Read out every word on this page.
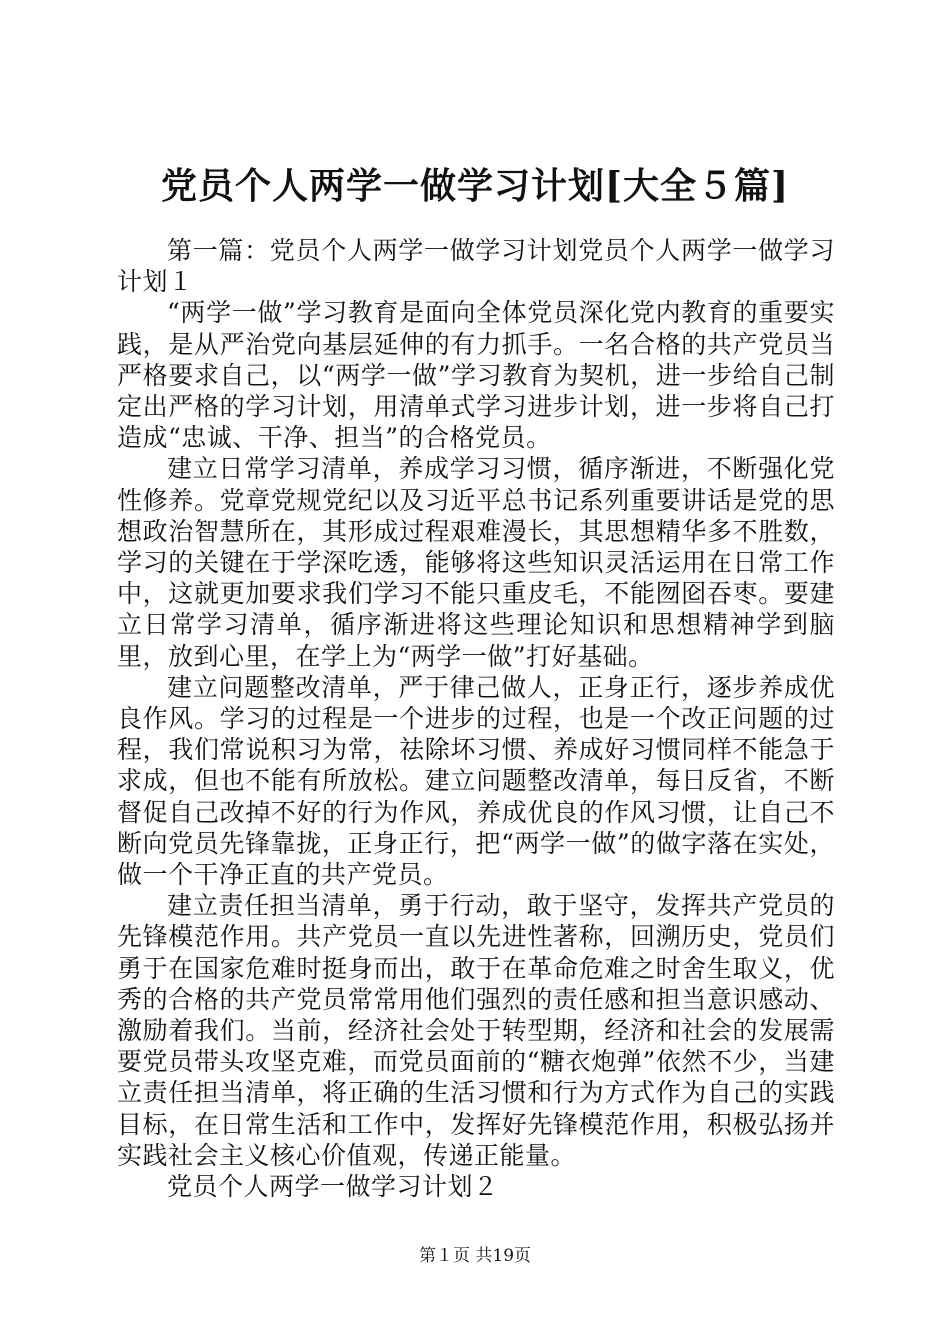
党员个人两学一做学习计划[大全５篇]

第一篇：党员个人两学一做学习计划党员个人两学一做学习计划１

“两学一做”学习教育是面向全体党员深化党内教育的重要实践，是从严治党向基层延伸的有力抓手。一名合格的共产党员当严格要求自己，以“两学一做”学习教育为契机，进一步给自己制定出严格的学习计划，用清单式学习进步计划，进一步将自己打造成“忠诚、干净、担当”的合格党员。

建立日常学习清单，养成学习习惯，循序渐进，不断强化党性修养。党章党规党纪以及习近平总书记系列重要讲话是党的思想政治智慧所在，其形成过程艰难漫长，其思想精华多不胜数，学习的关键在于学深吃透，能够将这些知识灵活运用在日常工作中，这就更加要求我们学习不能只重皮毛，不能囫囵吞枣。要建立日常学习清单，循序渐进将这些理论知识和思想精神学到脑里，放到心里，在学上为“两学一做”打好基础。

建立问题整改清单，严于律己做人，正身正行，逐步养成优良作风。学习的过程是一个进步的过程，也是一个改正问题的过程，我们常说积习为常，祛除坏习惯、养成好习惯同样不能急于求成，但也不能有所放松。建立问题整改清单，每日反省，不断督促自己改掉不好的行为作风，养成优良的作风习惯，让自己不断向党员先锋靠拢，正身正行，把“两学一做”的做字落在实处，做一个干净正直的共产党员。

建立责任担当清单，勇于行动，敢于坚守，发挥共产党员的先锋模范作用。共产党员一直以先进性著称，回溯历史，党员们勇于在国家危难时挺身而出，敢于在革命危难之时舍生取义，优秀的合格的共产党员常常用他们强烈的责任感和担当意识感动、激励着我们。当前，经济社会处于转型期，经济和社会的发展需要党员带头攻坚克难，而党员面前的“糖衣炮弹”依然不少，当建立责任担当清单，将正确的生活习惯和行为方式作为自己的实践目标，在日常生活和工作中，发挥好先锋模范作用，积极弘扬并实践社会主义核心价值观，传递正能量。

党员个人两学一做学习计划２

第１页 共19页
